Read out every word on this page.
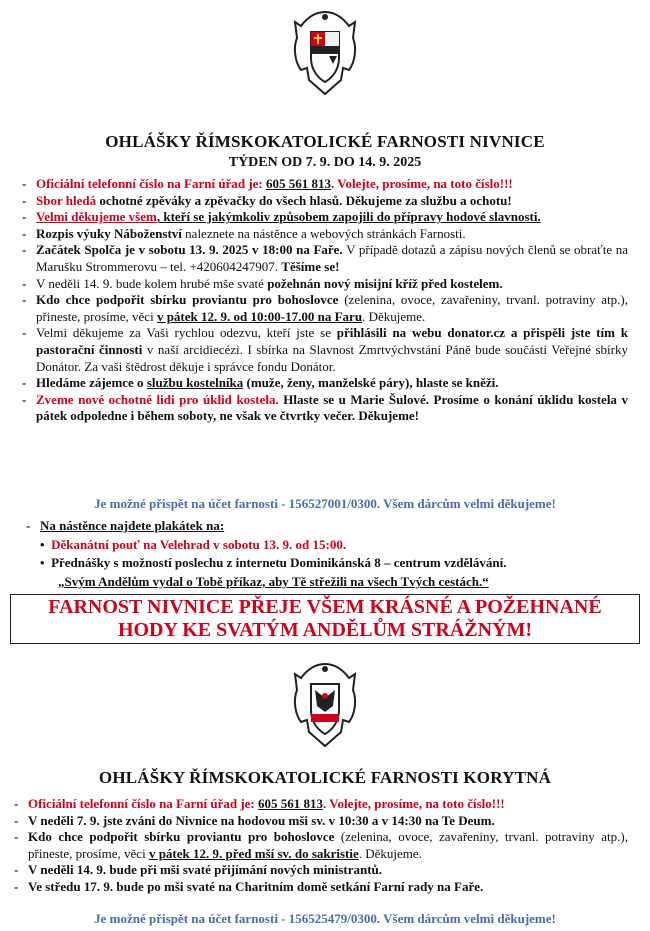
OHLÁŠKY ŘÍMSKOKATOLICKÉ FARNOSTI NIVNICE
TÝDEN OD 7. 9. DO 14. 9. 2025
- Oficiální telefonní číslo na Farní úřad je: 605 561 813. Volejte, prosíme, na toto číslo!!!
- Sbor hledá ochotné zpěváky a zpěvačky do všech hlasů. Děkujeme za službu a ochotu!
- Velmi děkujeme všem, kteří se jakýmkoliv způsobem zapojili do přípravy hodové slavnosti.
- Rozpis výuky Náboženství naleznete na nástěnce a webových stránkách Farnosti.
- Začátek Spolča je v sobotu 13. 9. 2025 v 18:00 na Faře. V případě dotazů a zápisu nových členů se obraťte na Marušku Strommerovu – tel. +420604247907. Těšíme se!
- V neděli 14. 9. bude kolem hrubé mše svaté požehnán nový misijní kříž před kostelem.
- Kdo chce podpořit sbírku proviantu pro bohoslovce (zelenina, ovoce, zavařeniny, trvanl. potraviny atp.), přineste, prosíme, věci v pátek 12. 9. od 10:00-17.00 na Faru. Děkujeme.
- Velmi děkujeme za Vaši rychlou odezvu, kteří jste se přihlásili na webu donator.cz a přispěli jste tím k pastorační činnosti v naší arcidiecézi. I sbírka na Slavnost Zmrtvýchvstání Páně bude součástí Veřejné sbírky Donátor. Za vaši štědrost děkuje i správce fondu Donátor.
- Hledáme zájemce o službu kostelníka (muže, ženy, manželské páry), hlaste se kněži.
- Zveme nové ochotné lidi pro úklid kostela. Hlaste se u Marie Šulové. Prosíme o konání úklidu kostela v pátek odpoledne i během soboty, ne však ve čtvrtky večer. Děkujeme!
Je možné přispět na účet farnosti - 156527001/0300. Všem dárcům velmi děkujeme!
- Na nástěnce najdete plakátek na:
•  Děkanátní pouť na Velehrad v sobotu 13. 9. od 15:00.
•  Přednášky s možností poslechu z internetu Dominikánská 8 – centrum vzdělávání.
„Svým Andělům vydal o Tobě příkaz, aby Tě střežili na všech Tvých cestách.“
FARNOST NIVNICE PŘEJE VŠEM KRÁSNÉ A POŽEHNANÉ
HODY KE SVATÝM ANDĚLŮM STRÁŽNÝM!
OHLÁŠKY ŘÍMSKOKATOLICKÉ FARNOSTI KORYTNÁ
- Oficiální telefonní číslo na Farní úřad je: 605 561 813. Volejte, prosíme, na toto číslo!!!
- V neděli 7. 9. jste zváni do Nivnice na hodovou mši sv. v 10:30 a v 14:30 na Te Deum.
- Kdo chce podpořit sbírku proviantu pro bohoslovce (zelenina, ovoce, zavařeniny, trvanl. potraviny atp.), přineste, prosíme, věci v pátek 12. 9. před mší sv. do sakristie. Děkujeme.
- V neděli 14. 9. bude při mši svaté přijímání nových ministrantů.
- Ve středu 17. 9. bude po mši svaté na Charitním domě setkání Farní rady na Faře.
Je možné přispět na účet farnosti - 156525479/0300. Všem dárcům velmi děkujeme!
